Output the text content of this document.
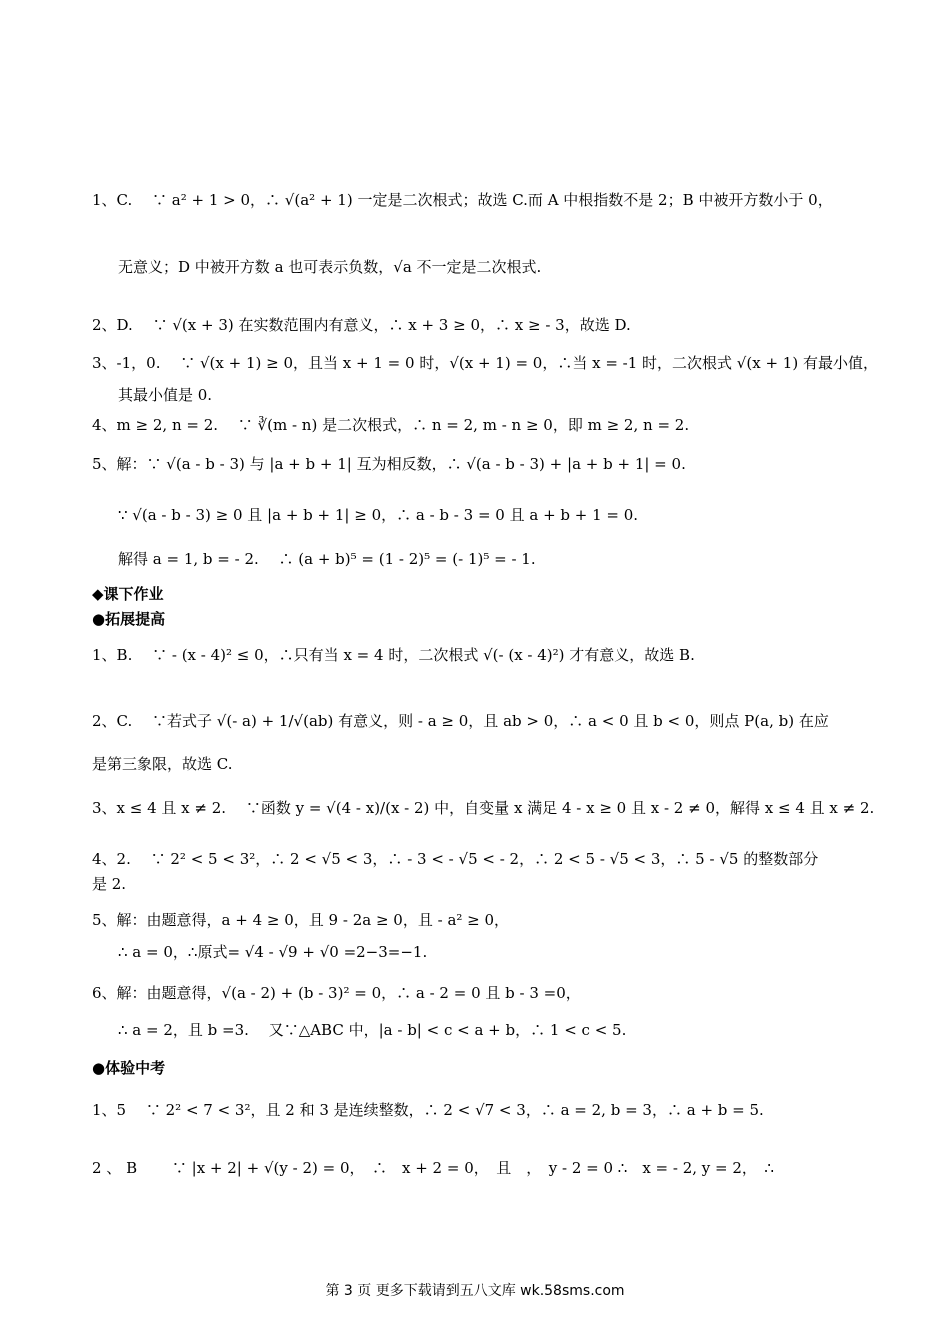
1、C.　 ∵ a² + 1 > 0，∴ √(a² + 1) 一定是二次根式；故选 C.而 A 中根指数不是 2；B 中被开方数小于 0，
无意义；D 中被开方数 a 也可表示负数，√a 不一定是二次根式.
2、D.　 ∵ √(x + 3) 在实数范围内有意义，∴ x + 3 ≥ 0，∴ x ≥ - 3，故选 D.
3、-1，0.　 ∵ √(x + 1) ≥ 0，且当 x + 1 = 0 时，√(x + 1) = 0，∴当 x = -1 时，二次根式 √(x + 1) 有最小值，
其最小值是 0.
4、m ≥ 2, n = 2.　 ∵ ∛(m - n) 是二次根式，∴ n = 2, m - n ≥ 0，即 m ≥ 2, n = 2.
5、解：∵ √(a - b - 3) 与 |a + b + 1| 互为相反数，∴ √(a - b - 3) + |a + b + 1| = 0.
∵ √(a - b - 3) ≥ 0 且 |a + b + 1| ≥ 0，∴ a - b - 3 = 0 且 a + b + 1 = 0.
解得 a = 1, b = - 2.　 ∴ (a + b)⁵ = (1 - 2)⁵ = (- 1)⁵ = - 1.
◆课下作业
●拓展提高
1、B.　 ∵ - (x - 4)² ≤ 0，∴只有当 x = 4 时，二次根式 √(- (x - 4)²) 才有意义，故选 B.
2、C.　 ∵若式子 √(- a) + 1/√(ab) 有意义，则 - a ≥ 0，且 ab > 0，∴ a < 0 且 b < 0，则点 P(a, b) 在应
是第三象限，故选 C.
3、x ≤ 4 且 x ≠ 2.　 ∵函数 y = √(4 - x)/(x - 2) 中，自变量 x 满足 4 - x ≥ 0 且 x - 2 ≠ 0，解得 x ≤ 4 且 x ≠ 2.
4、2.　 ∵ 2² < 5 < 3²，∴ 2 < √5 < 3，∴ - 3 < - √5 < - 2，∴ 2 < 5 - √5 < 3，∴ 5 - √5 的整数部分
是 2.
5、解：由题意得，a + 4 ≥ 0，且 9 - 2a ≥ 0，且 - a² ≥ 0，
∴ a = 0，∴原式= √4 - √9 + √0 =2−3=−1.
6、解：由题意得，√(a - 2) + (b - 3)² = 0，∴ a - 2 = 0 且 b - 3 =0，
∴ a = 2，且 b =3.　 又∵△ABC 中，|a - b| < c < a + b，∴ 1 < c < 5.
●体验中考
1、5　 ∵ 2² < 7 < 3²，且 2 和 3 是连续整数，∴ 2 < √7 < 3，∴ a = 2, b = 3，∴ a + b = 5.
2 、 B　　 ∵ |x + 2| + √(y - 2) = 0，　∴　x + 2 = 0，　且　，　y - 2 = 0 ∴　x = - 2, y = 2，　∴
第 3 页 更多下载请到五八文库 wk.58sms.com
